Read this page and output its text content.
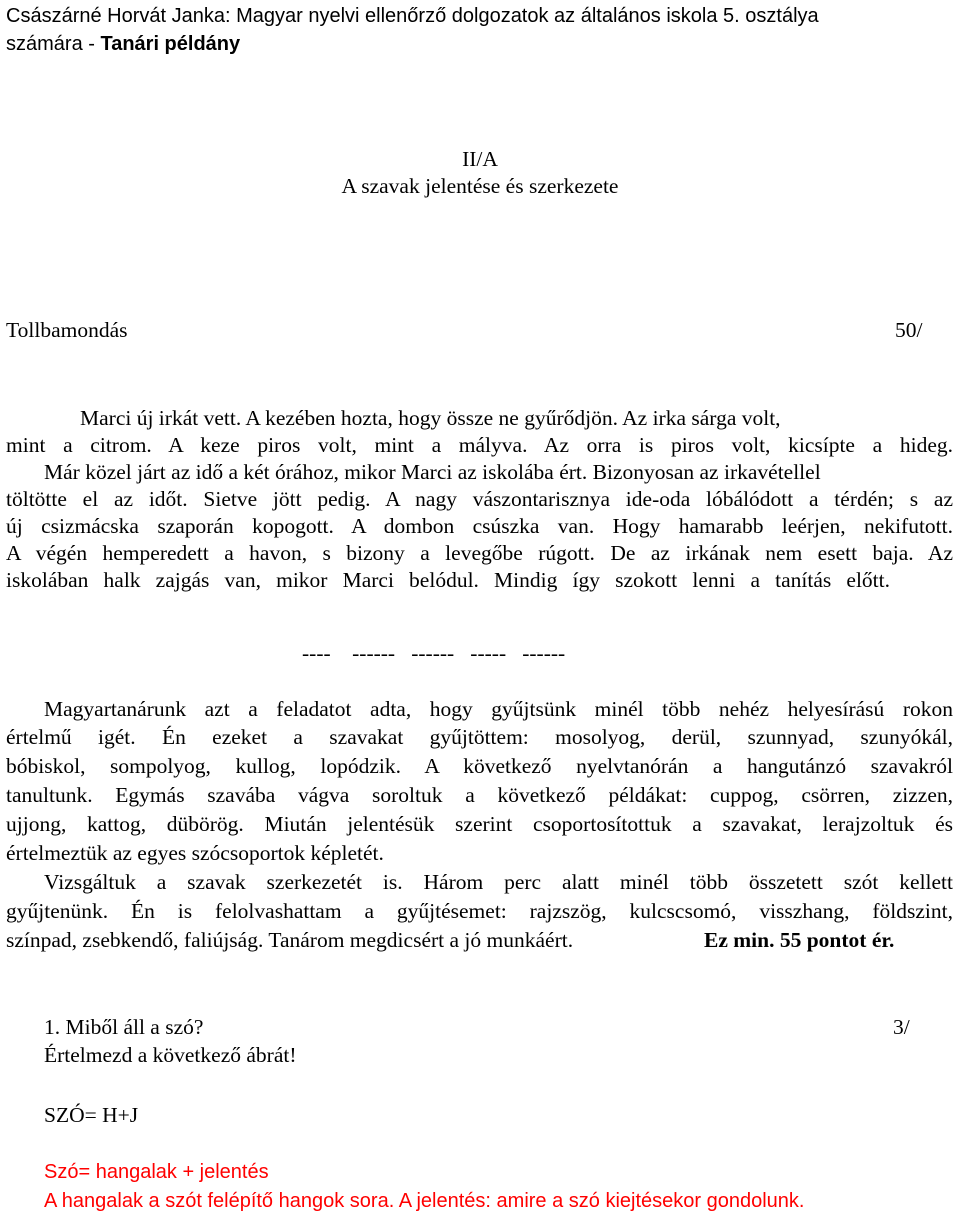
Császárné Horvát Janka: Magyar nyelvi ellenőrző dolgozatok az általános iskola 5. osztálya
számára - Tanári példány
II/A
A szavak jelentése és szerkezete
Tollbamondás	50/
Marci új irkát vett. A kezében hozta, hogy össze ne gyűrődjön. Az irka sárga volt,
mint a citrom. A keze piros volt, mint a mályva. Az orra is piros volt, kicsípte a hideg.
Már közel járt az idő a két órához, mikor Marci az iskolába ért. Bizonyosan az irkavétellel
töltötte el az időt. Sietve jött pedig. A nagy vászontarisznya ide-oda lóbálódott a térdén; s az
új csizmácska szaporán kopogott. A dombon csúszka van. Hogy hamarabb leérjen, nekifutott.
A végén hemperedett a havon, s bizony a levegőbe rúgott. De az irkának nem esett baja. Az
iskolában halk zajgás van, mikor Marci belódul. Mindig így szokott lenni a tanítás előtt.
----    ------   ------   -----   ------
Magyartanárunk azt a feladatot adta, hogy gyűjtsünk minél több nehéz helyesírású rokon
értelmű igét. Én ezeket a szavakat gyűjtöttem: mosolyog, derül, szunnyad, szunyókál,
bóbiskol, sompolyog, kullog, lopódzik. A következő nyelvtanórán a hangutánzó szavakról
tanultunk. Egymás szavába vágva soroltuk a következő példákat: cuppog, csörren, zizzen,
ujjong, kattog, dübörög. Miután jelentésük szerint csoportosítottuk a szavakat, lerajzoltuk és
értelmeztük az egyes szócsoportok képletét.
Vizsgáltuk a szavak szerkezetét is. Három perc alatt minél több összetett szót kellett
gyűjtenünk. Én is felolvashattam a gyűjtésemet: rajzszög, kulcscsomó, visszhang, földszint,
színpad, zsebkendő, faliújság. Tanárom megdicsért a jó munkáért.	Ez min. 55 pontot ér.
1. Miből áll a szó?	3/
Értelmezd a következő ábrát!
SZÓ= H+J
Szó= hangalak + jelentés
A hangalak a szót felépítő hangok sora. A jelentés: amire a szó kiejtésekor gondolunk.
